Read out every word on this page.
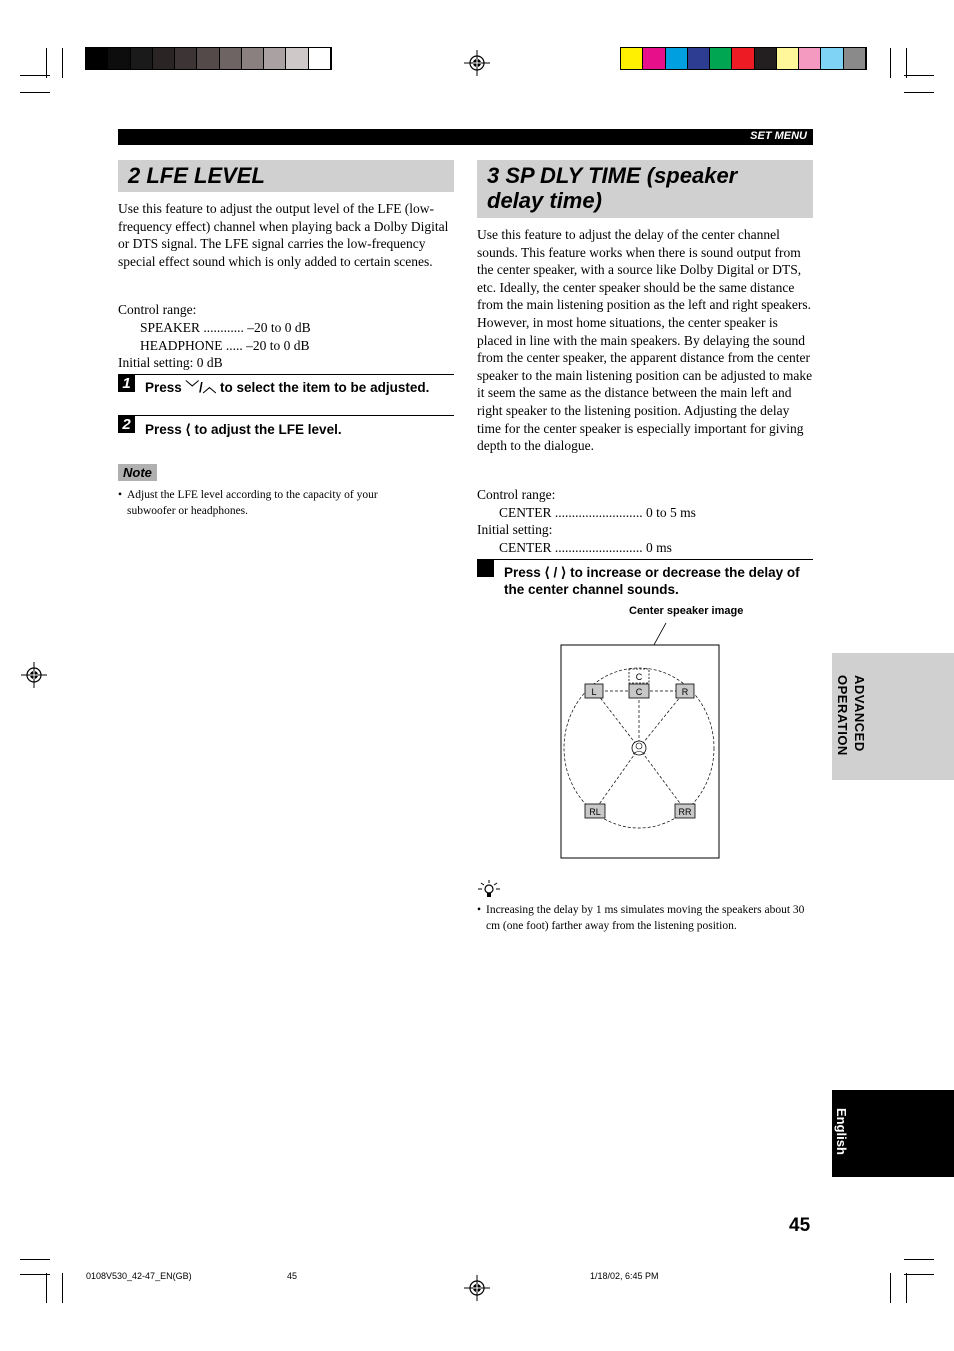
SET MENU
2 LFE LEVEL
Use this feature to adjust the output level of the LFE (low-frequency effect) channel when playing back a Dolby Digital or DTS signal. The LFE signal carries the low-frequency special effect sound which is only added to certain scenes.
Control range:
SPEAKER ............ –20 to 0 dB
HEADPHONE ..... –20 to 0 dB
Initial setting: 0 dB
1	Press ﹀/︿ to select the item to be adjusted.
2	Press ⟨ to adjust the LFE level.
Note
• Adjust the LFE level according to the capacity of your subwoofer or headphones.
3 SP DLY TIME (speaker delay time)
Use this feature to adjust the delay of the center channel sounds. This feature works when there is sound output from the center speaker, with a source like Dolby Digital or DTS, etc. Ideally, the center speaker should be the same distance from the main listening position as the left and right speakers. However, in most home situations, the center speaker is placed in line with the main speakers. By delaying the sound from the center speaker, the apparent distance from the center speaker to the main listening position can be adjusted to make it seem the same as the distance between the main left and right speaker to the listening position. Adjusting the delay time for the center speaker is especially important for giving depth to the dialogue.
Control range:
CENTER .......................... 0 to 5 ms
Initial setting:
CENTER .......................... 0 ms
Press ⟨ / ⟩ to increase or decrease the delay of the center channel sounds.
Center speaker image
C
L	C	R
RL	RR
• Increasing the delay by 1 ms simulates moving the speakers about 30 cm (one foot) farther away from the listening position.
ADVANCED OPERATION
English
45
0108V530_42-47_EN(GB)	45	1/18/02, 6:45 PM
